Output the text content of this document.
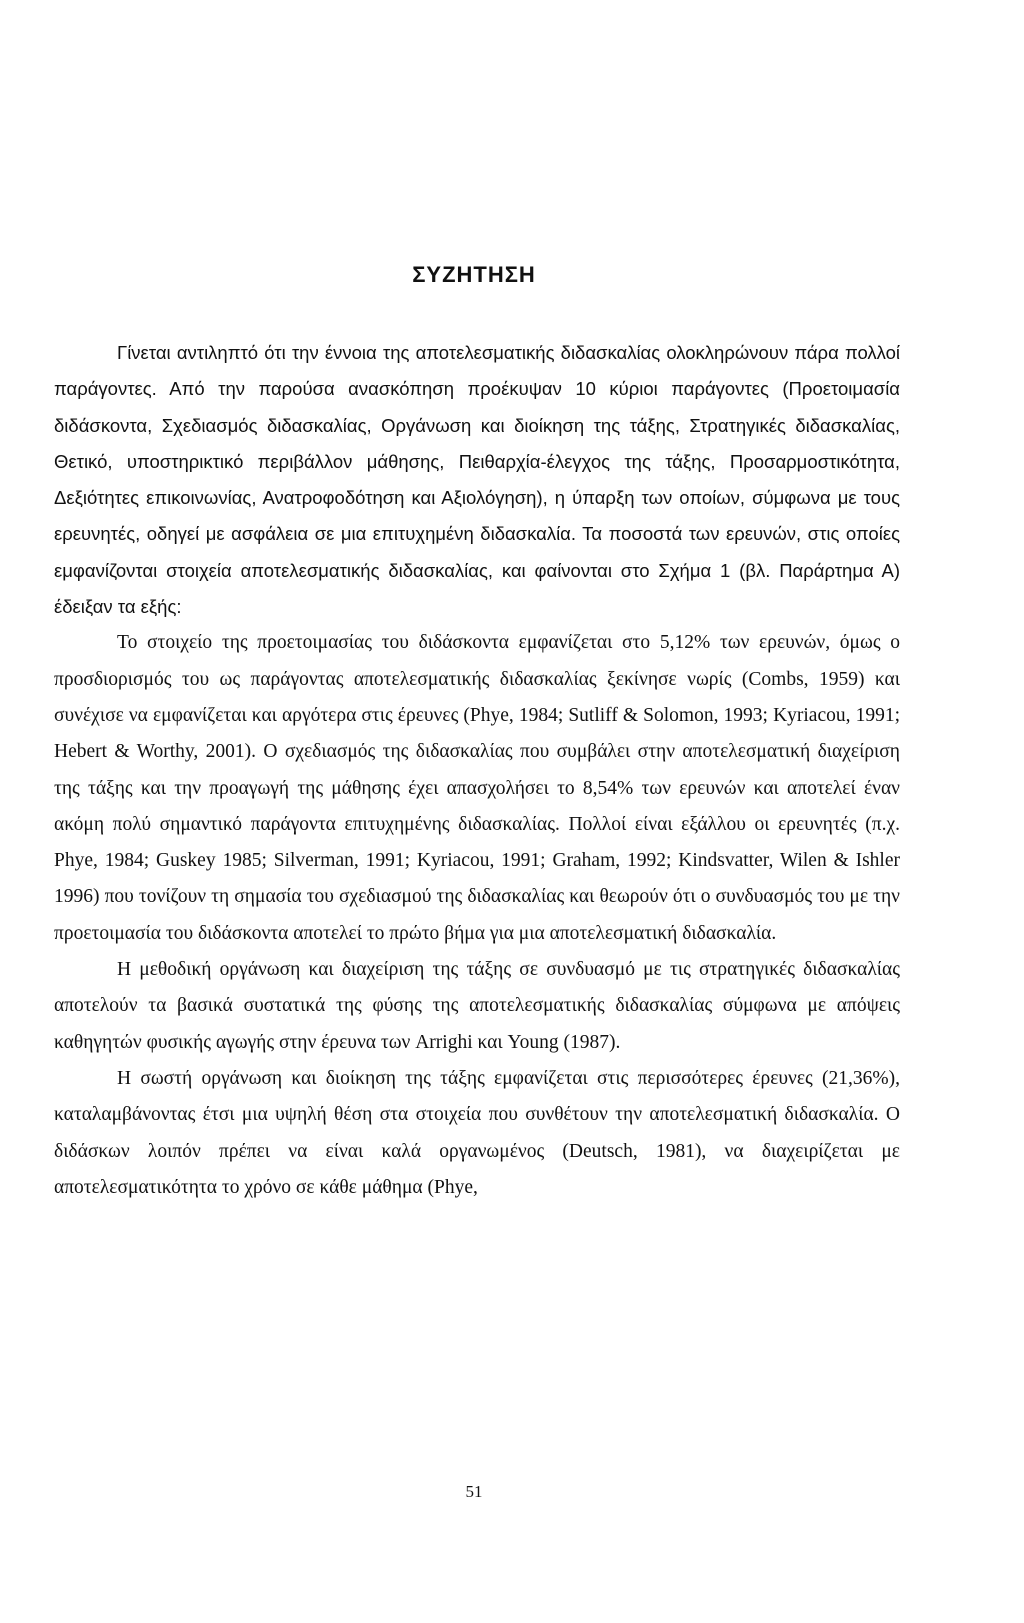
ΣΥΖΗΤΗΣΗ

Γίνεται αντιληπτό ότι την έννοια της αποτελεσματικής διδασκαλίας ολοκληρώνουν πάρα πολλοί παράγοντες. Από την παρούσα ανασκόπηση προέκυψαν 10 κύριοι παράγοντες (Προετοιμασία διδάσκοντα, Σχεδιασμός διδασκαλίας, Οργάνωση και διοίκηση της τάξης, Στρατηγικές διδασκαλίας, Θετικό, υποστηρικτικό περιβάλλον μάθησης, Πειθαρχία-έλεγχος της τάξης, Προσαρμοστικότητα, Δεξιότητες επικοινωνίας, Ανατροφοδότηση και Αξιολόγηση), η ύπαρξη των οποίων, σύμφωνα με τους ερευνητές, οδηγεί με ασφάλεια σε μια επιτυχημένη διδασκαλία. Τα ποσοστά των ερευνών, στις οποίες εμφανίζονται στοιχεία αποτελεσματικής διδασκαλίας, και φαίνονται στο Σχήμα 1 (βλ. Παράρτημα Α) έδειξαν τα εξής:

Το στοιχείο της προετοιμασίας του διδάσκοντα εμφανίζεται στο 5,12% των ερευνών, όμως ο προσδιορισμός του ως παράγοντας αποτελεσματικής διδασκαλίας ξεκίνησε νωρίς (Combs, 1959) και συνέχισε να εμφανίζεται και αργότερα στις έρευνες (Phye, 1984; Sutliff & Solomon, 1993; Kyriacou, 1991; Hebert & Worthy, 2001). Ο σχεδιασμός της διδασκαλίας που συμβάλει στην αποτελεσματική διαχείριση της τάξης και την προαγωγή της μάθησης έχει απασχολήσει το 8,54% των ερευνών και αποτελεί έναν ακόμη πολύ σημαντικό παράγοντα επιτυχημένης διδασκαλίας. Πολλοί είναι εξάλλου οι ερευνητές (π.χ. Phye, 1984; Guskey 1985; Silverman, 1991; Kyriacou, 1991; Graham, 1992; Kindsvatter, Wilen & Ishler 1996) που τονίζουν τη σημασία του σχεδιασμού της διδασκαλίας και θεωρούν ότι ο συνδυασμός του με την προετοιμασία του διδάσκοντα αποτελεί το πρώτο βήμα για μια αποτελεσματική διδασκαλία.

Η μεθοδική οργάνωση και διαχείριση της τάξης σε συνδυασμό με τις στρατηγικές διδασκαλίας αποτελούν τα βασικά συστατικά της φύσης της αποτελεσματικής διδασκαλίας σύμφωνα με απόψεις καθηγητών φυσικής αγωγής στην έρευνα των Arrighi και Young (1987).

Η σωστή οργάνωση και διοίκηση της τάξης εμφανίζεται στις περισσότερες έρευνες (21,36%), καταλαμβάνοντας έτσι μια υψηλή θέση στα στοιχεία που συνθέτουν την αποτελεσματική διδασκαλία. Ο διδάσκων λοιπόν πρέπει να είναι καλά οργανωμένος (Deutsch, 1981), να διαχειρίζεται με αποτελεσματικότητα το χρόνο σε κάθε μάθημα (Phye,

51
